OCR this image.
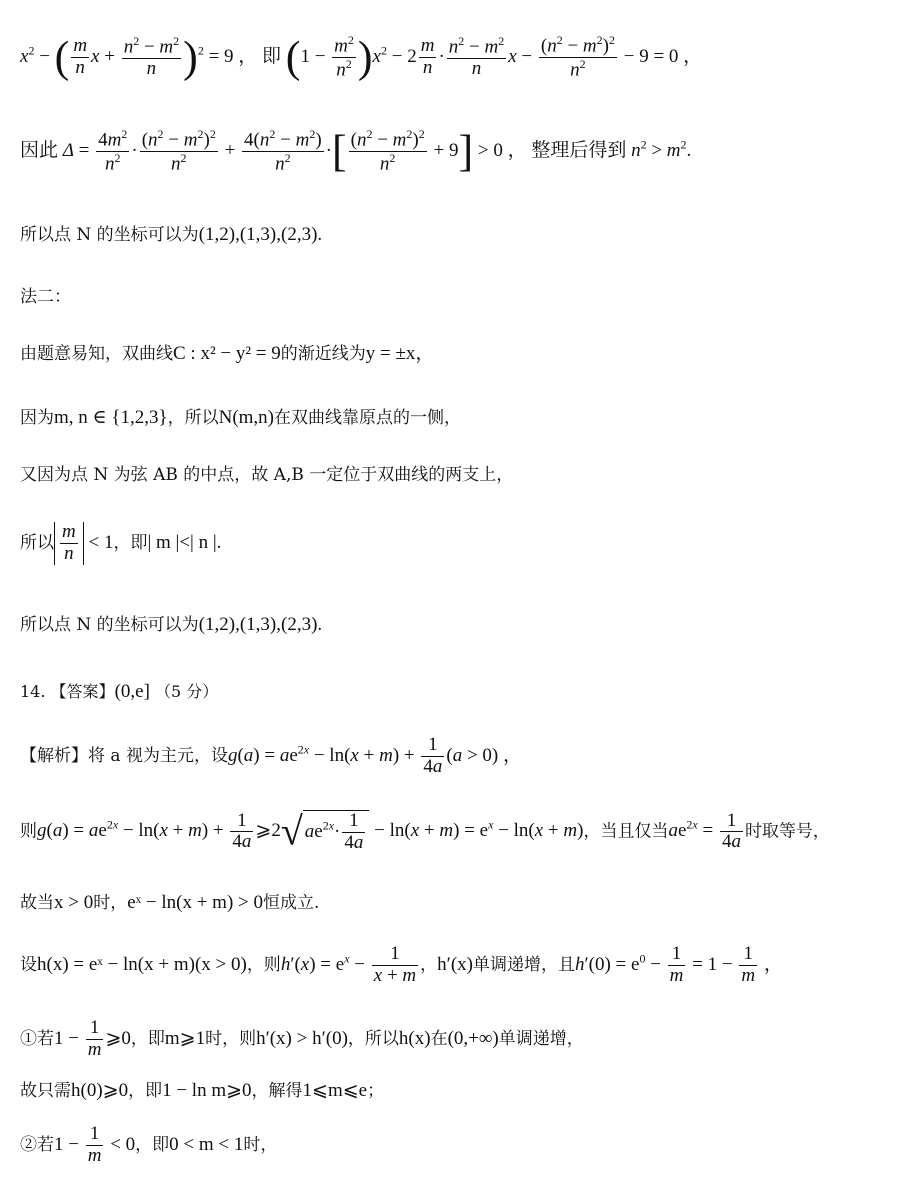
$x^2$ − ( $\frac{m}{n}$ $x + \frac{n^2 - m^2}{n} )^2 = 9$ ， 即 $(1 - \frac{m^2}{n^2} )x^2 - 2 \frac{m}{n} \cdot \frac{n^2 - m^2}{n}$ $x - \frac{(n^2 - m^2)^2}{n^2} - 9 = 0$ ，
因此 $\Delta = \frac{4m^2}{n^2} \cdot \frac{(n^2 - m^2)^2}{n^2} + \frac{4(n^2 - m^2)}{n^2}$ ·[ $\frac{(n^2 - m^2)^2}{n^2} + 9] > 0$ ， 整理后得到 $n^2 > m^2$.
所以点 N 的坐标可以为(1,2),(1,3),(2,3).
法二：
由题意易知，双曲线C : x² − y² = 9的渐近线为y = ±x，
因为m, n ∈ {1,2,3}，所以N(m,n)在双曲线靠原点的一侧，
又因为点 N 为弦 AB 的中点，故 A,B 一定位于双曲线的两支上，
所以 $\frac{m}{n} < 1$，即| m |<| n |.
所以点 N 的坐标可以为(1,2),(1,3),(2,3).
14. 【答案】(0,e] （5 分）
【解析】将 a 视为主元，设$g(a) = ae^{2x} - \ln(x + m) + \frac{1}{4a} (a > 0)$ ，
则$g(a) = ae^{2x} - \ln(x + m) + \frac{1}{4a}$ ⩾2√ $ae^{2x}\cdot \frac{1}{4a} - \ln(x + m) = e^x - \ln(x + m)$，当且仅当$ae^{2x} = \frac{1}{4a}$ 时取等号，
故当x > 0时，eˣ − ln(x + m) > 0恒成立.
设h(x) = eˣ − ln(x + m)(x > 0)，则$h'(x) = e^x - \frac{1}{x + m}$ ，h′(x)单调递增，且$h'(0) = e^0 - \frac{1}{m} = 1 - \frac{1}{m}$ ，
①若$1 - \frac{1}{m}$ ⩾0，即m⩾1时，则h′(x) > h′(0)，所以h(x)在(0,+∞)单调递增，
故只需h(0)⩾0，即1 − ln m⩾0，解得1⩽m⩽e；
②若$1 - \frac{1}{m} < 0$，即0 < m < 1时，
